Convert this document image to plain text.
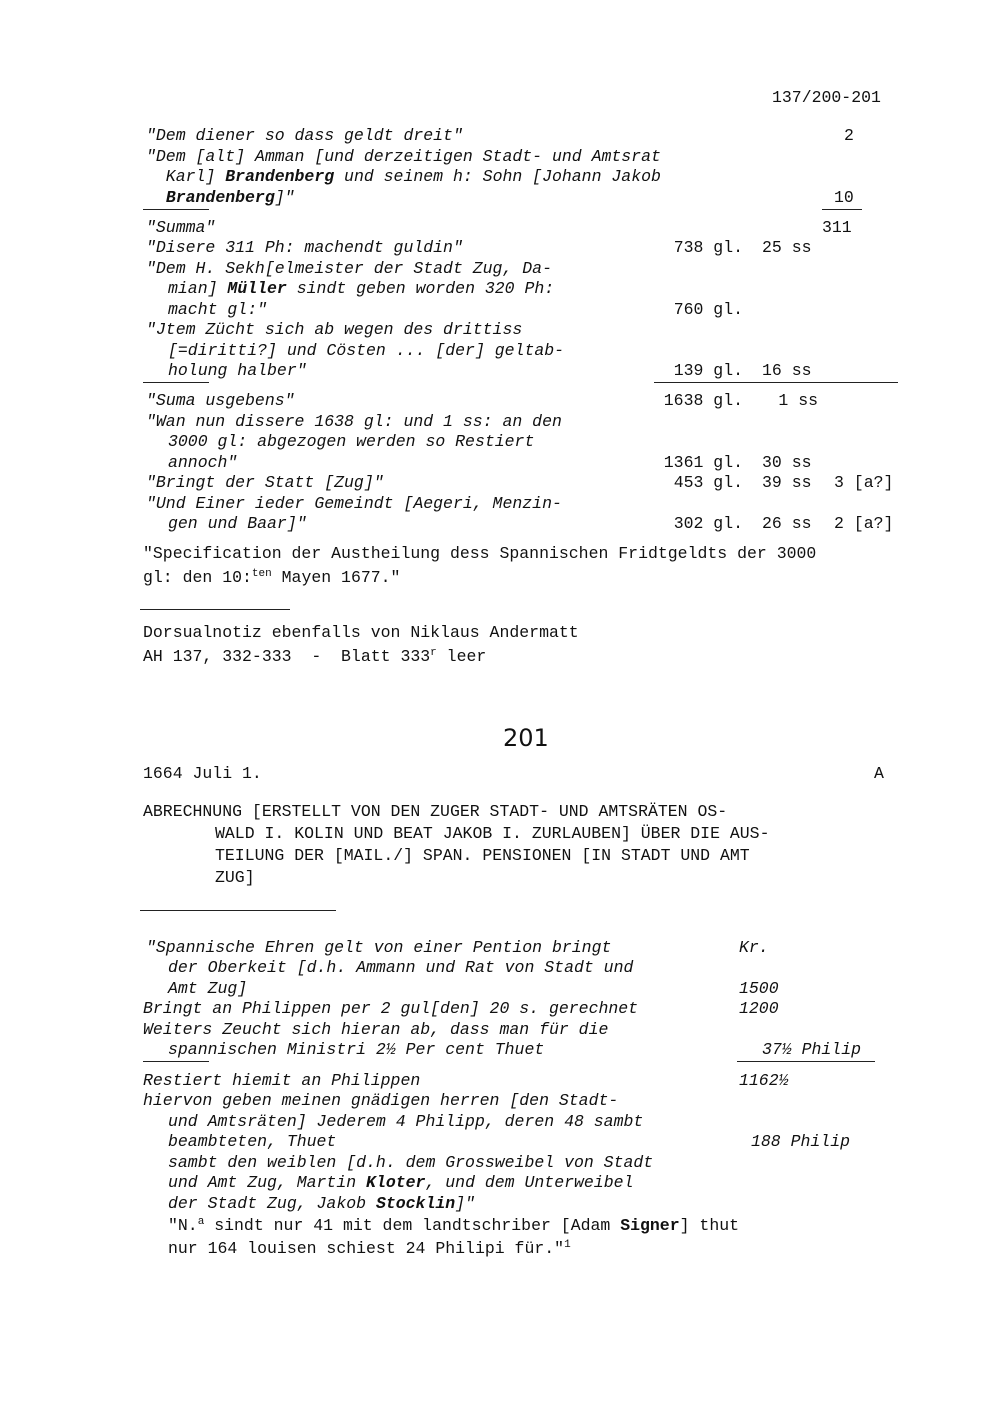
137/200-201
"Dem diener so dass geldt dreit"	2
"Dem [alt] Amman [und derzeitigen Stadt- und Amtsrat
Karl] Brandenberg und seinem h: Sohn [Johann Jakob
Brandenberg]"	10
"Summa"	311
"Disere 311 Ph: machendt guldin"	738 gl. 25 ss
"Dem H. Sekh[elmeister der Stadt Zug, Da-
mian] Müller sindt geben worden 320 Ph:
macht gl:"	760 gl.
"Jtem Zücht sich ab wegen des drittiss
[=diritti?] und Cösten ... [der] geltab-
holung halber"	139 gl. 16 ss
"Suma usgebens"	1638 gl.	1 ss
"Wan nun dissere 1638 gl: und 1 ss: an den
3000 gl: abgezogen werden so Restiert
annoch"	1361 gl. 30 ss
"Bringt der Statt [Zug]"	453 gl. 39 ss 3 [a?]
"Und Einer ieder Gemeindt [Aegeri, Menzin-
gen und Baar]"	302 gl. 26 ss 2 [a?]
"Specification der Austheilung dess Spannischen Fridtgeldts der 3000
gl: den 10:$^{ten}$ Mayen 1677."
Dorsualnotiz ebenfalls von Niklaus Andermatt
AH 137, 332-333  -  Blatt 333$^r$ leer
201
1664 Juli 1.	A
ABRECHNUNG [ERSTELLT VON DEN ZUGER STADT- UND AMTSRÄTEN OS-
WALD I. KOLIN UND BEAT JAKOB I. ZURLAUBEN] ÜBER DIE AUS-
TEILUNG DER [MAIL./] SPAN. PENSIONEN [IN STADT UND AMT
ZUG]
"Spannische Ehren gelt von einer Pention bringt	Kr.
der Oberkeit [d.h. Ammann und Rat von Stadt und
Amt Zug]	1500
Bringt an Philippen per 2 gul[den] 20 s. gerechnet	1200
Weiters Zeucht sich hieran ab, dass man für die
spannischen Ministri 2½ Per cent Thuet	37½ Philip
Restiert hiemit an Philippen	1162½
hiervon geben meinen gnädigen herren [den Stadt-
und Amtsräten] Jederem 4 Philipp, deren 48 sambt
beambteten, Thuet	188 Philip
sambt den weiblen [d.h. dem Grossweibel von Stadt
und Amt Zug, Martin Kloter, und dem Unterweibel
der Stadt Zug, Jakob Stocklin]"
"N.$^a$ sindt nur 41 mit dem landtschriber [Adam Signer] thut
nur 164 louisen schiest 24 Philipi für."$^1$
